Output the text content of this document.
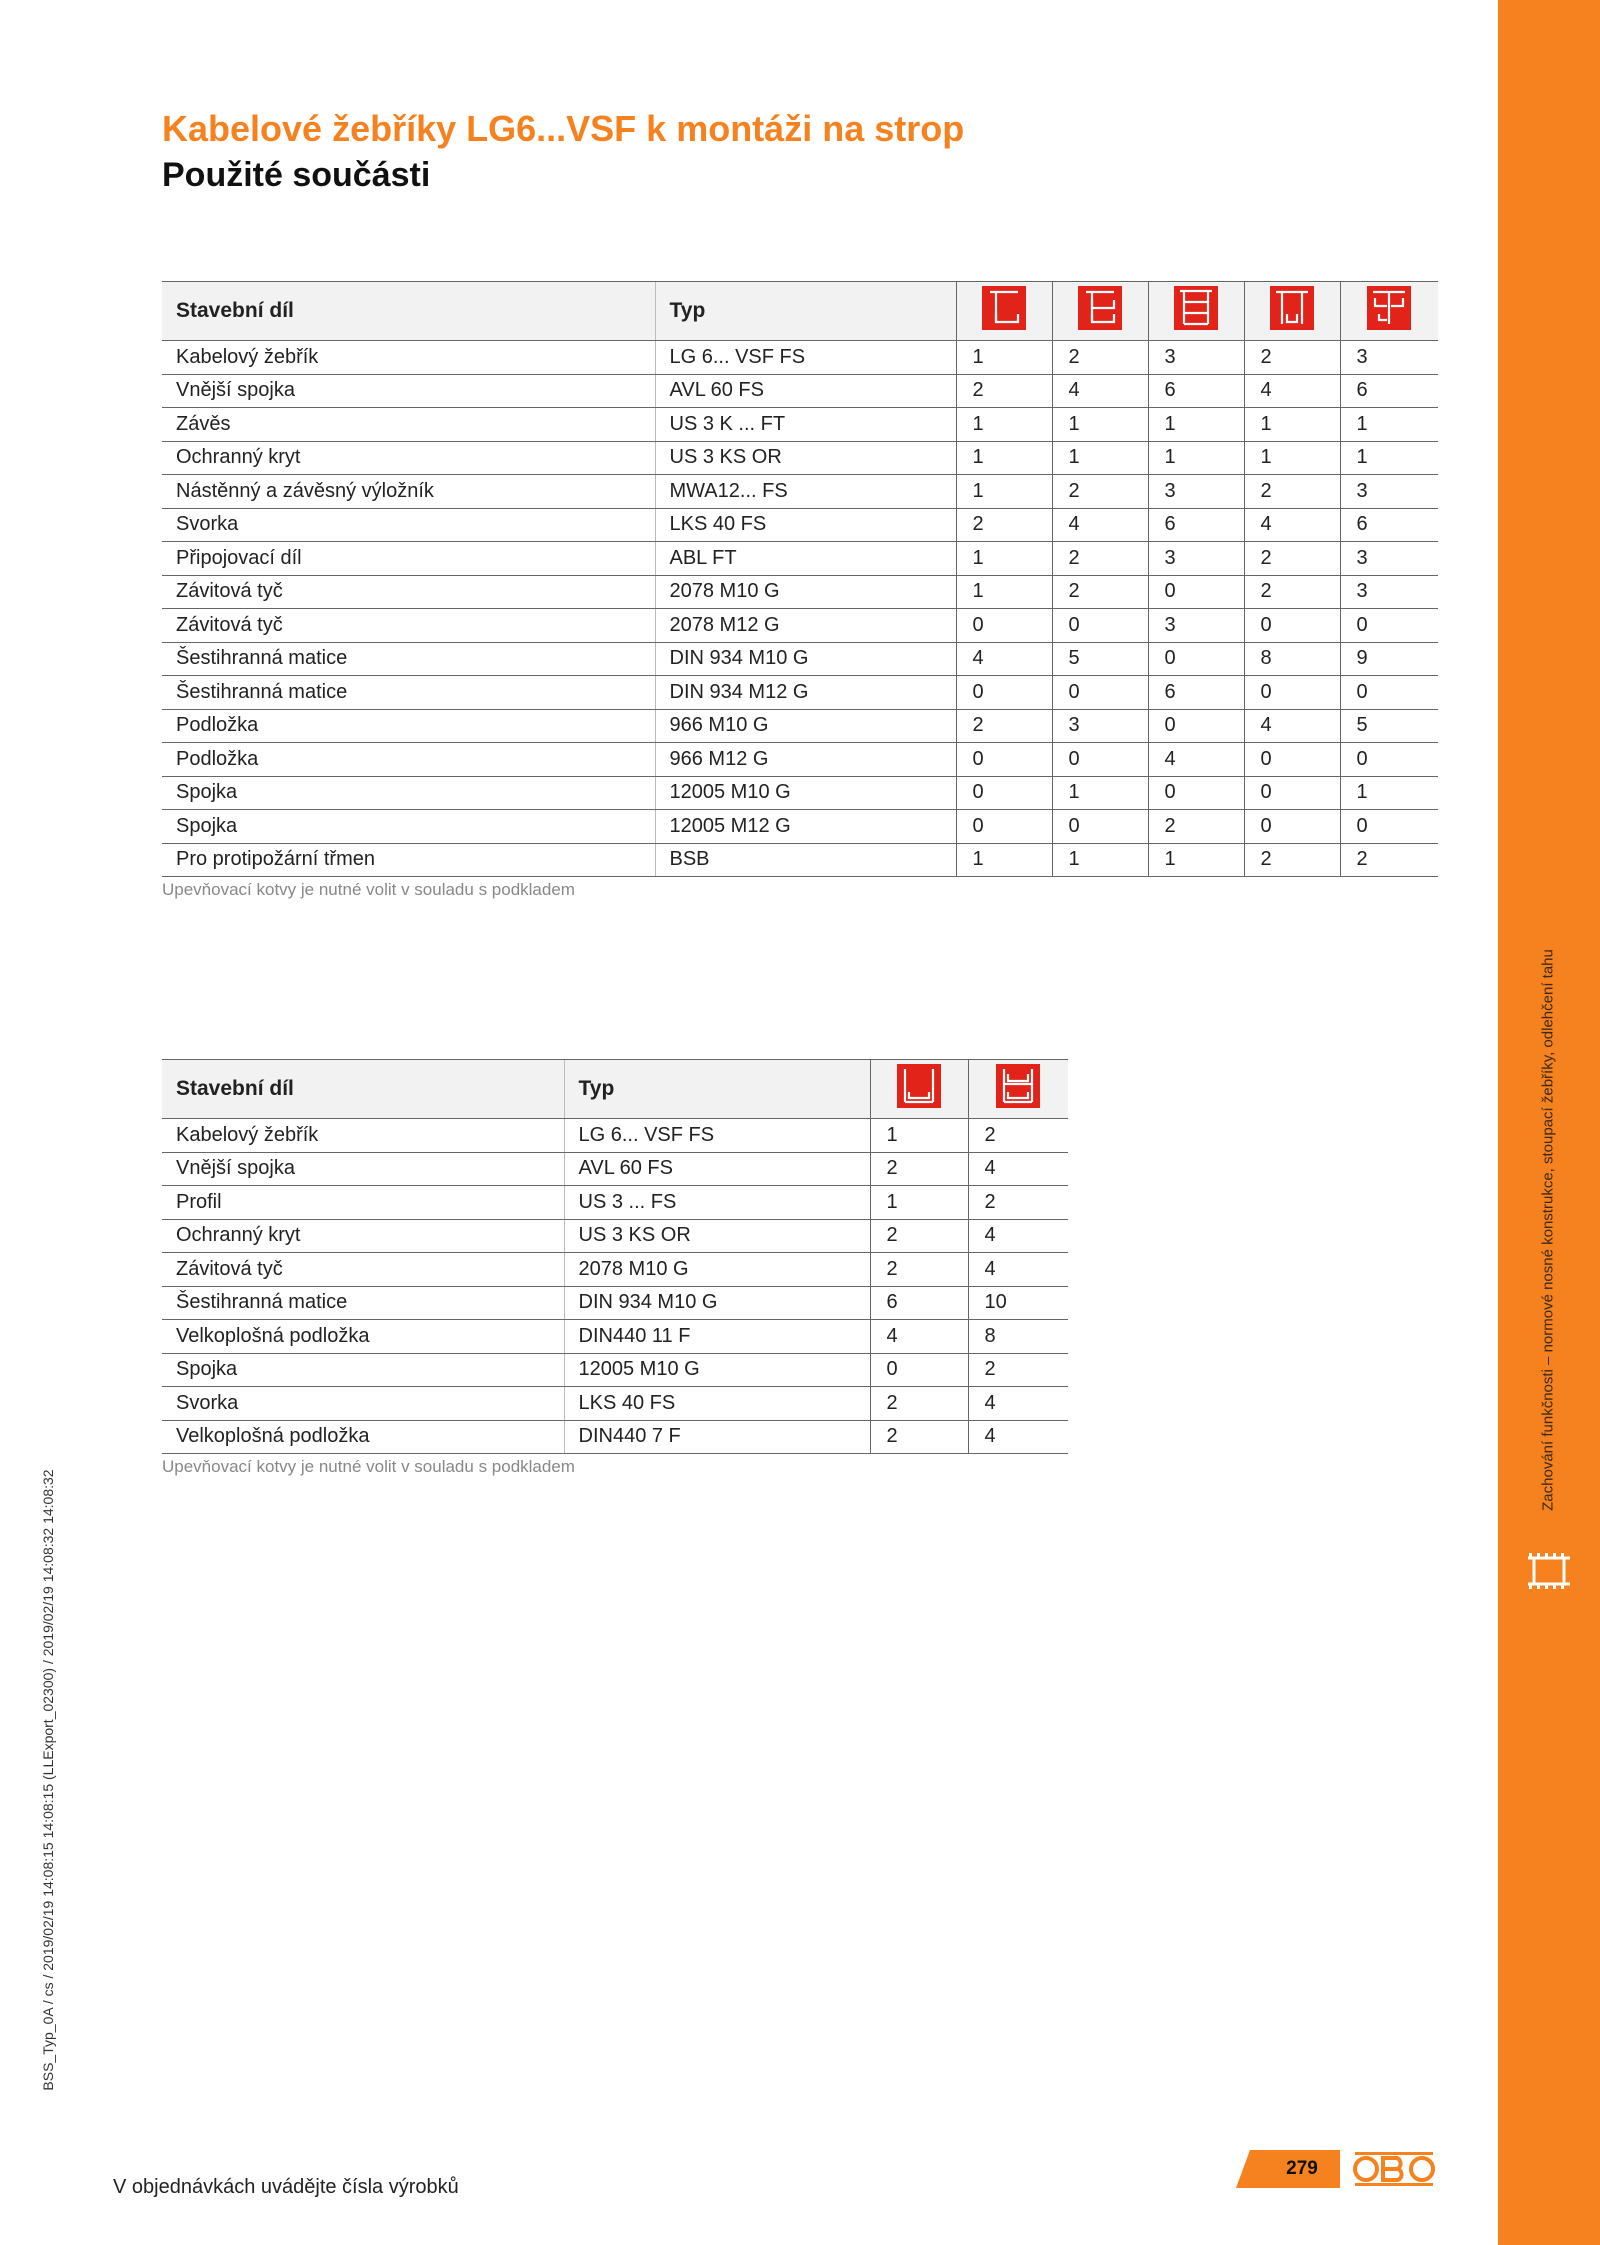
Zachování funkčnosti – normové nosné konstrukce, stoupací žebříky, odlehčení tahu
BSS_Typ_0A / cs / 2019/02/19 14:08:15 14:08:15 (LLExport_02300) / 2019/02/19 14:08:32 14:08:32
Kabelové žebříky LG6...VSF k montáži na strop
Použité součásti
Stavební díl	Typ					
Kabelový žebřík	LG 6... VSF FS	1	2	3	2	3
Vnější spojka	AVL 60 FS	2	4	6	4	6
Závěs	US 3 K ... FT	1	1	1	1	1
Ochranný kryt	US 3 KS OR	1	1	1	1	1
Nástěnný a závěsný výložník	MWA12... FS	1	2	3	2	3
Svorka	LKS 40 FS	2	4	6	4	6
Připojovací díl	ABL FT	1	2	3	2	3
Závitová tyč	2078 M10 G	1	2	0	2	3
Závitová tyč	2078 M12 G	0	0	3	0	0
Šestihranná matice	DIN 934 M10 G	4	5	0	8	9
Šestihranná matice	DIN 934 M12 G	0	0	6	0	0
Podložka	966 M10 G	2	3	0	4	5
Podložka	966 M12 G	0	0	4	0	0
Spojka	12005 M10 G	0	1	0	0	1
Spojka	12005 M12 G	0	0	2	0	0
Pro protipožární třmen	BSB	1	1	1	2	2
Upevňovací kotvy je nutné volit v souladu s podkladem
Stavební díl	Typ		
Kabelový žebřík	LG 6... VSF FS	1	2
Vnější spojka	AVL 60 FS	2	4
Profil	US 3 ... FS	1	2
Ochranný kryt	US 3 KS OR	2	4
Závitová tyč	2078 M10 G	2	4
Šestihranná matice	DIN 934 M10 G	6	10
Velkoplošná podložka	DIN440 11 F	4	8
Spojka	12005 M10 G	0	2
Svorka	LKS 40 FS	2	4
Velkoplošná podložka	DIN440 7 F	2	4
Upevňovací kotvy je nutné volit v souladu s podkladem
V objednávkách uvádějte čísla výrobků
279
